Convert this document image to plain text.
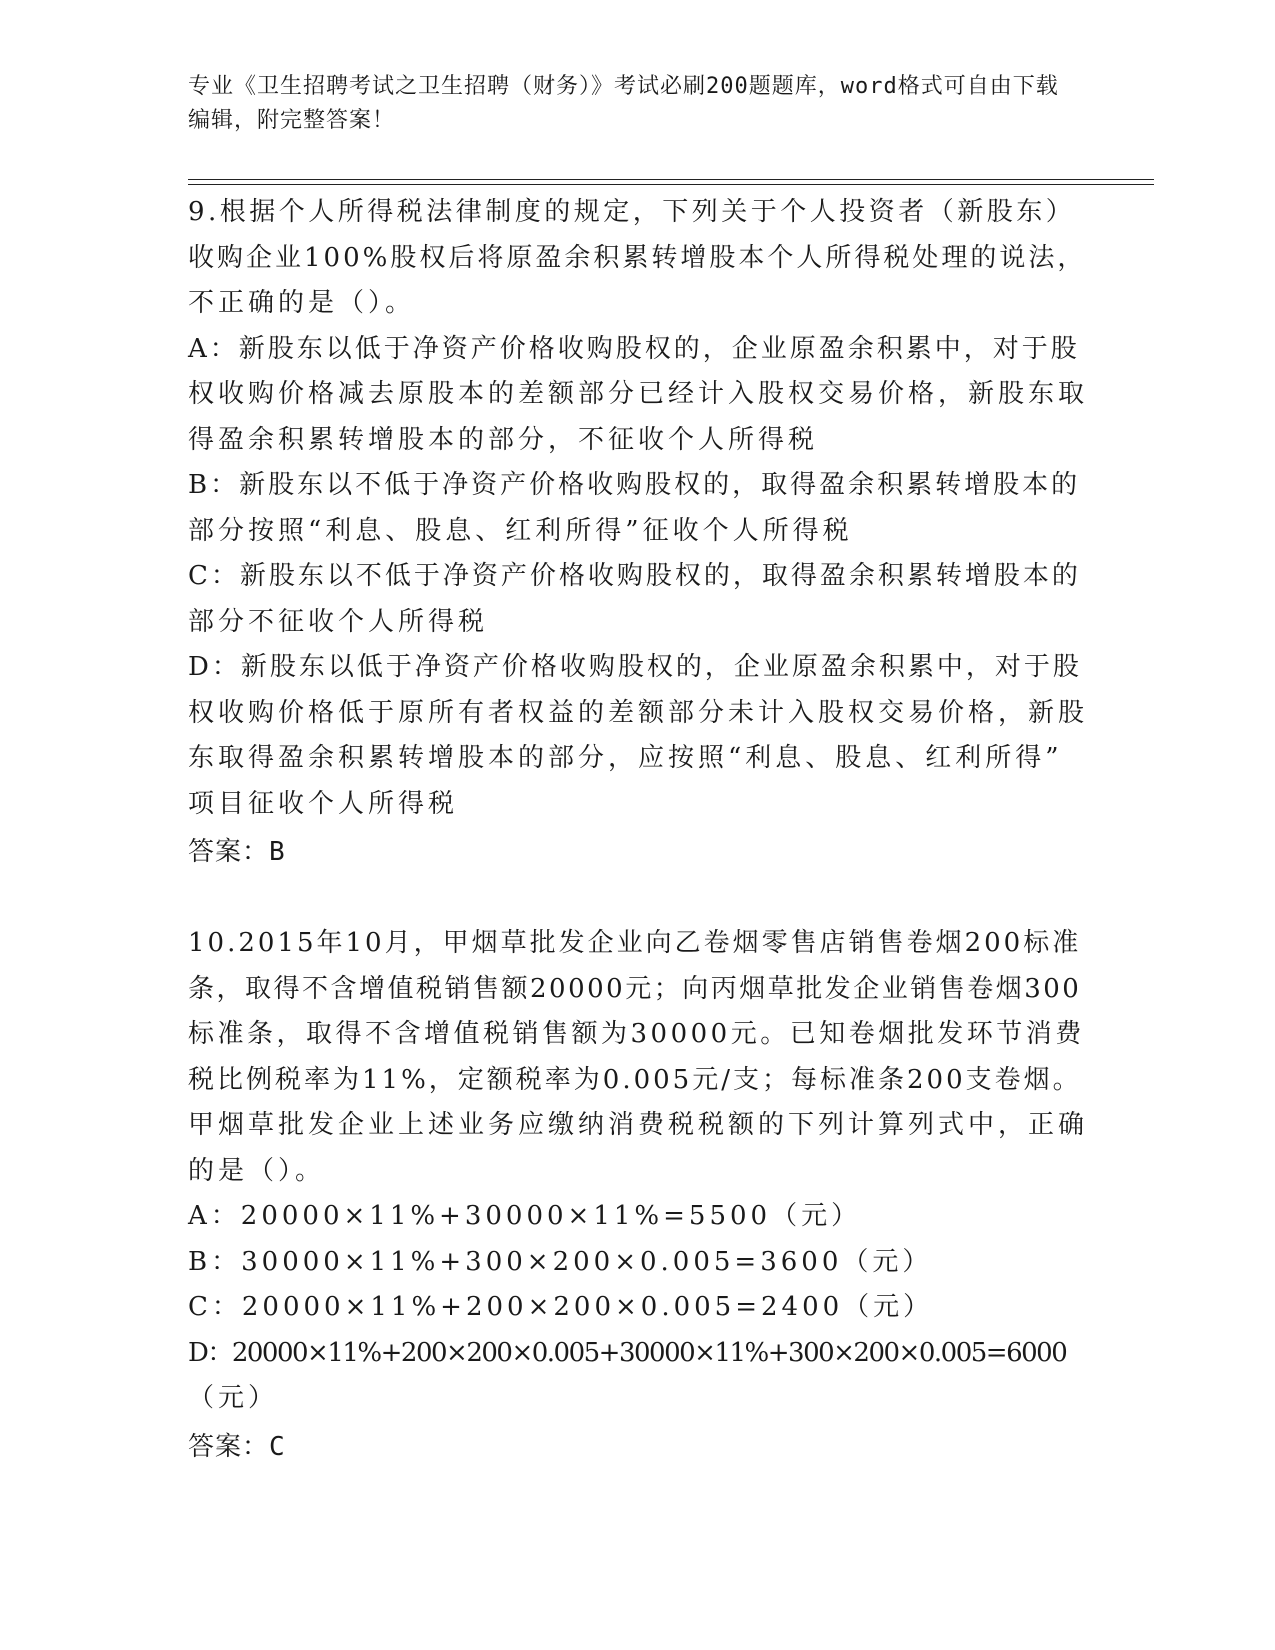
专业《卫生招聘考试之卫生招聘（财务）》考试必刷200题题库，word格式可自由下载编辑，附完整答案！
9.根据个人所得税法律制度的规定，下列关于个人投资者（新股东）
收购企业100%股权后将原盈余积累转增股本个人所得税处理的说法，
不正确的是（）。
A：新股东以低于净资产价格收购股权的，企业原盈余积累中，对于股
权收购价格减去原股本的差额部分已经计入股权交易价格，新股东取
得盈余积累转增股本的部分，不征收个人所得税
B：新股东以不低于净资产价格收购股权的，取得盈余积累转增股本的
部分按照“利息、股息、红利所得”征收个人所得税
C：新股东以不低于净资产价格收购股权的，取得盈余积累转增股本的
部分不征收个人所得税
D：新股东以低于净资产价格收购股权的，企业原盈余积累中，对于股
权收购价格低于原所有者权益的差额部分未计入股权交易价格，新股
东取得盈余积累转增股本的部分，应按照“利息、股息、红利所得”
项目征收个人所得税
答案：B
10.2015年10月，甲烟草批发企业向乙卷烟零售店销售卷烟200标准
条，取得不含增值税销售额20000元；向丙烟草批发企业销售卷烟300
标准条，取得不含增值税销售额为30000元。已知卷烟批发环节消费
税比例税率为11%，定额税率为0.005元/支；每标准条200支卷烟。
甲烟草批发企业上述业务应缴纳消费税税额的下列计算列式中，正确
的是（）。
A：20000×11%+30000×11%=5500（元）
B：30000×11%+300×200×0.005=3600（元）
C：20000×11%+200×200×0.005=2400（元）
D：20000×11%+200×200×0.005+30000×11%+300×200×0.005=6000
（元）
答案：C
